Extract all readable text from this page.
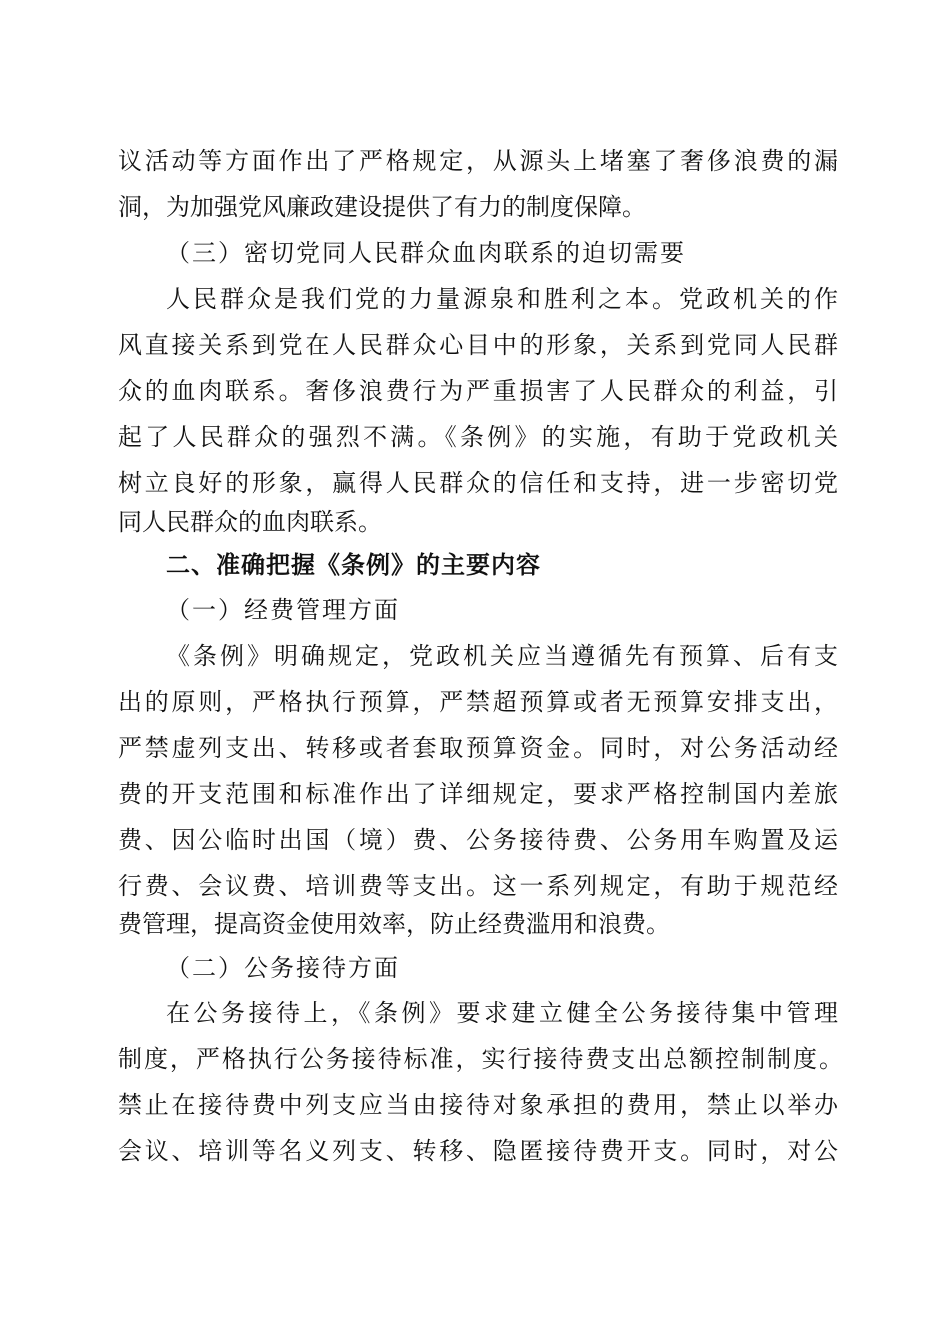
议活动等方面作出了严格规定，从源头上堵塞了奢侈浪费的漏
洞，为加强党风廉政建设提供了有力的制度保障。
（三）密切党同人民群众血肉联系的迫切需要
人民群众是我们党的力量源泉和胜利之本。党政机关的作
风直接关系到党在人民群众心目中的形象，关系到党同人民群
众的血肉联系。奢侈浪费行为严重损害了人民群众的利益，引
起了人民群众的强烈不满。《条例》的实施，有助于党政机关
树立良好的形象，赢得人民群众的信任和支持，进一步密切党
同人民群众的血肉联系。
二、准确把握《条例》的主要内容
（一）经费管理方面
《条例》明确规定，党政机关应当遵循先有预算、后有支
出的原则，严格执行预算，严禁超预算或者无预算安排支出，
严禁虚列支出、转移或者套取预算资金。同时，对公务活动经
费的开支范围和标准作出了详细规定，要求严格控制国内差旅
费、因公临时出国（境）费、公务接待费、公务用车购置及运
行费、会议费、培训费等支出。这一系列规定，有助于规范经
费管理，提高资金使用效率，防止经费滥用和浪费。
（二）公务接待方面
在公务接待上，《条例》要求建立健全公务接待集中管理
制度，严格执行公务接待标准，实行接待费支出总额控制制度。
禁止在接待费中列支应当由接待对象承担的费用，禁止以举办
会议、培训等名义列支、转移、隐匿接待费开支。同时，对公
